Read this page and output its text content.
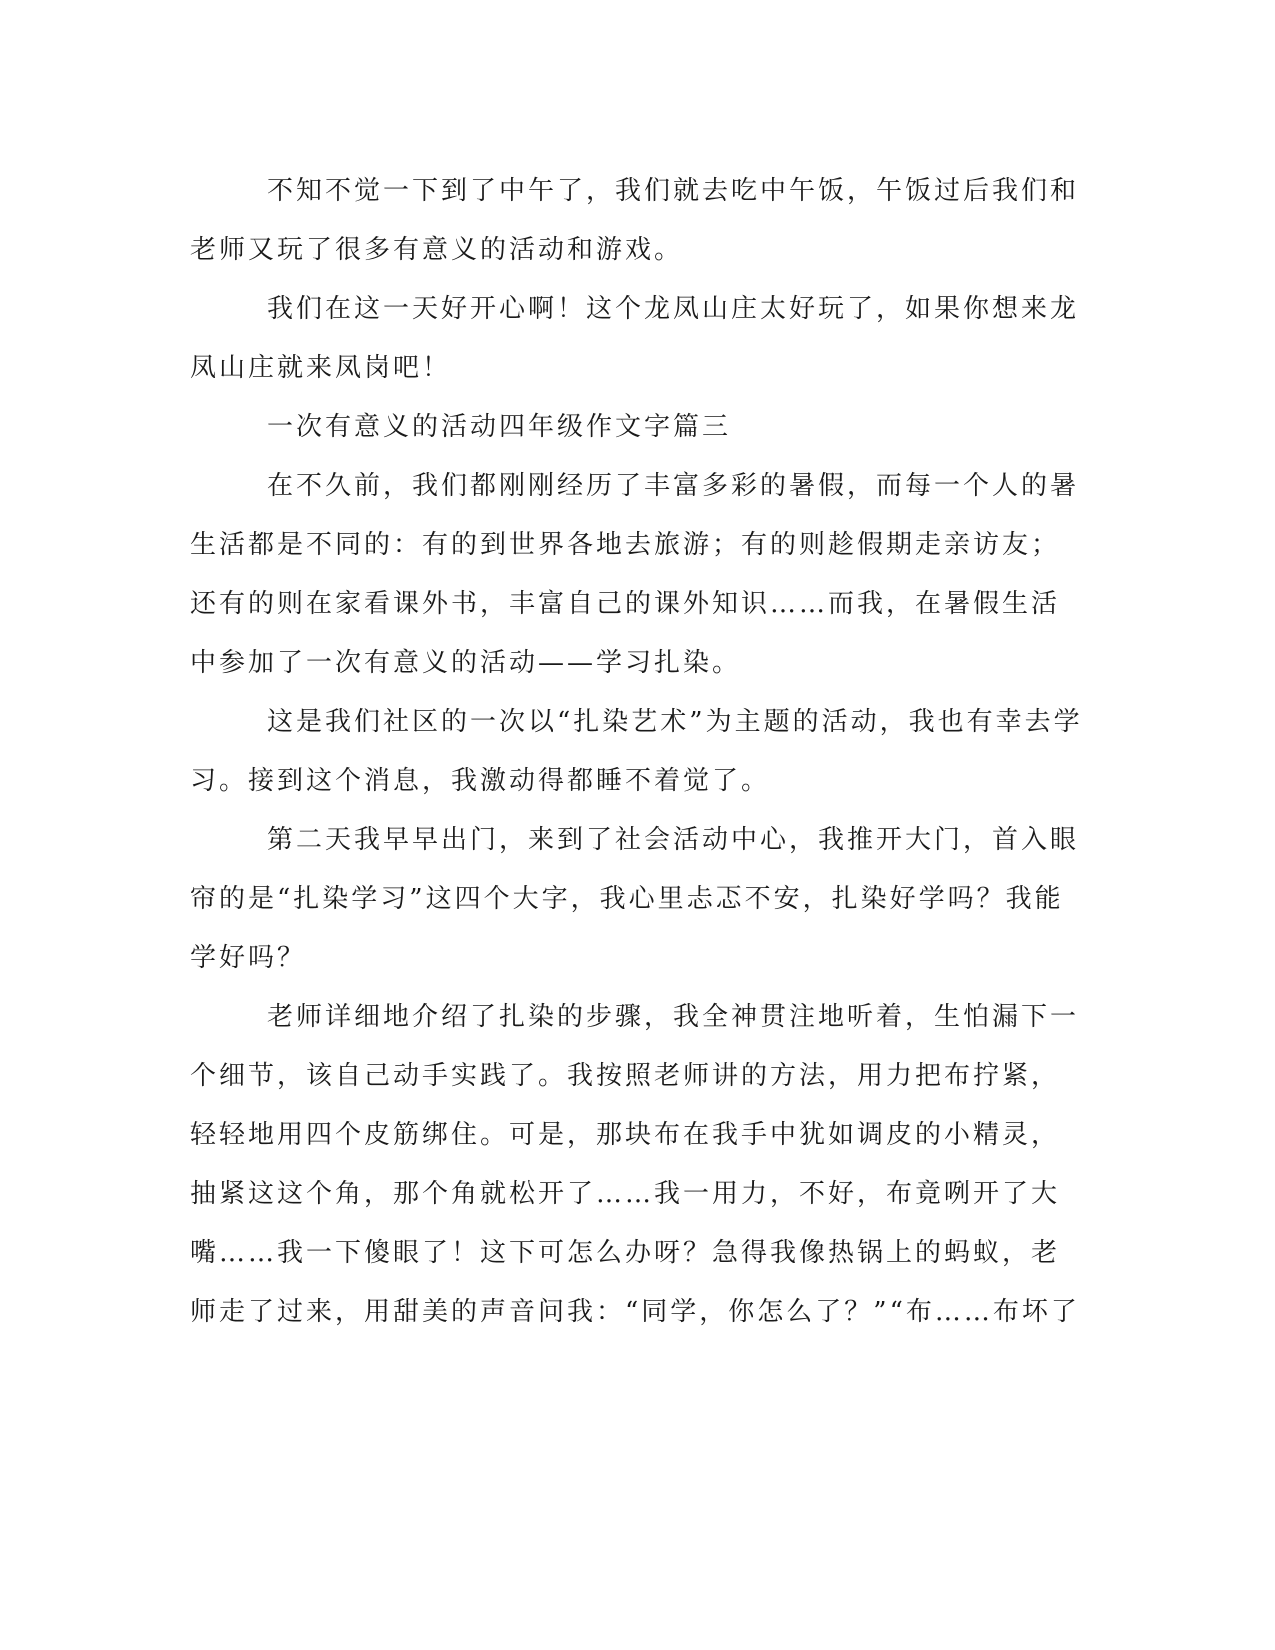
不知不觉一下到了中午了，我们就去吃中午饭，午饭过后我们和
老师又玩了很多有意义的活动和游戏。
我们在这一天好开心啊！这个龙凤山庄太好玩了，如果你想来龙
凤山庄就来凤岗吧！
一次有意义的活动四年级作文字篇三
在不久前，我们都刚刚经历了丰富多彩的暑假，而每一个人的暑
生活都是不同的：有的到世界各地去旅游；有的则趁假期走亲访友；
还有的则在家看课外书，丰富自己的课外知识……而我，在暑假生活
中参加了一次有意义的活动——学习扎染。
这是我们社区的一次以“扎染艺术”为主题的活动，我也有幸去学
习。接到这个消息，我激动得都睡不着觉了。
第二天我早早出门，来到了社会活动中心，我推开大门，首入眼
帘的是“扎染学习”这四个大字，我心里忐忑不安，扎染好学吗？我能
学好吗？
老师详细地介绍了扎染的步骤，我全神贯注地听着，生怕漏下一
个细节，该自己动手实践了。我按照老师讲的方法，用力把布拧紧，
轻轻地用四个皮筋绑住。可是，那块布在我手中犹如调皮的小精灵，
抽紧这这个角，那个角就松开了……我一用力，不好，布竟咧开了大
嘴……我一下傻眼了！这下可怎么办呀？急得我像热锅上的蚂蚁，老
师走了过来，用甜美的声音问我：“同学，你怎么了？”“布……布坏了
